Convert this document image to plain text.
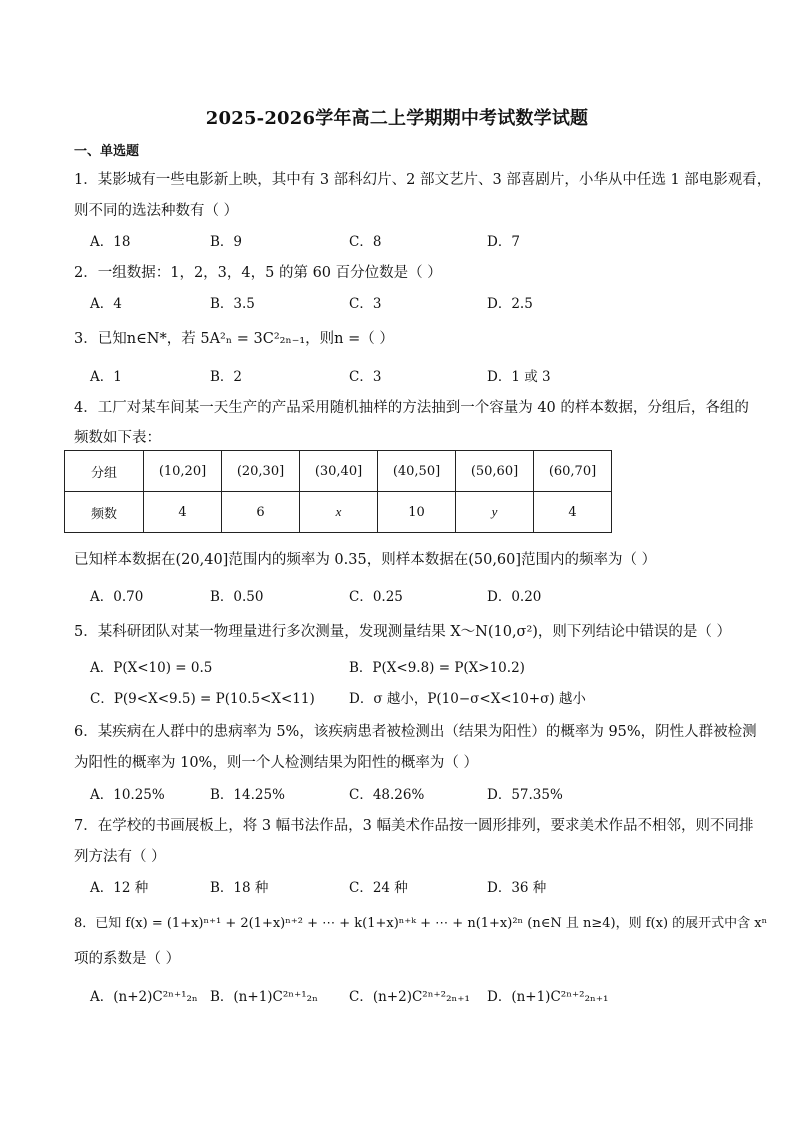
2025-2026学年高二上学期期中考试数学试题
一、单选题
1．某影城有一些电影新上映，其中有 3 部科幻片、2 部文艺片、3 部喜剧片，小华从中任选 1 部电影观看，
则不同的选法种数有（ ）
A．18	B．9	C．8	D．7
2．一组数据：1，2，3，4，5 的第 60 百分位数是（ ）
A．4	B．3.5	C．3	D．2.5
3．已知n∈N*，若 5A²ₙ = 3C²₂ₙ₋₁，则n =（ ）
A．1	B．2	C．3	D．1 或 3
4．工厂对某车间某一天生产的产品采用随机抽样的方法抽到一个容量为 40 的样本数据，分组后，各组的
频数如下表：
分组	(10,20]	(20,30]	(30,40]	(40,50]	(50,60]	(60,70]
频数	4	6	x	10	y	4
已知样本数据在(20,40]范围内的频率为 0.35，则样本数据在(50,60]范围内的频率为（ ）
A．0.70	B．0.50	C．0.25	D．0.20
5．某科研团队对某一物理量进行多次测量，发现测量结果 X～N(10,σ²)，则下列结论中错误的是（ ）
A．P(X<10) = 0.5	B．P(X<9.8) = P(X>10.2)
C．P(9<X<9.5) = P(10.5<X<11)	D．σ 越小，P(10−σ<X<10+σ) 越小
6．某疾病在人群中的患病率为 5%，该疾病患者被检测出（结果为阳性）的概率为 95%，阴性人群被检测
为阳性的概率为 10%，则一个人检测结果为阳性的概率为（ ）
A．10.25%	B．14.25%	C．48.26%	D．57.35%
7．在学校的书画展板上，将 3 幅书法作品，3 幅美术作品按一圆形排列，要求美术作品不相邻，则不同排
列方法有（ ）
A．12 种	B．18 种	C．24 种	D．36 种
8．已知 f(x) = (1+x)ⁿ⁺¹ + 2(1+x)ⁿ⁺² + ⋯ + k(1+x)ⁿ⁺ᵏ + ⋯ + n(1+x)²ⁿ (n∈N 且 n≥4)，则 f(x) 的展开式中含 xⁿ
项的系数是（ ）
A．(n+2)C²ⁿ⁺¹₂ₙ B．(n+1)C²ⁿ⁺¹₂ₙ C．(n+2)C²ⁿ⁺²₂ₙ₊₁ D．(n+1)C²ⁿ⁺²₂ₙ₊₁
